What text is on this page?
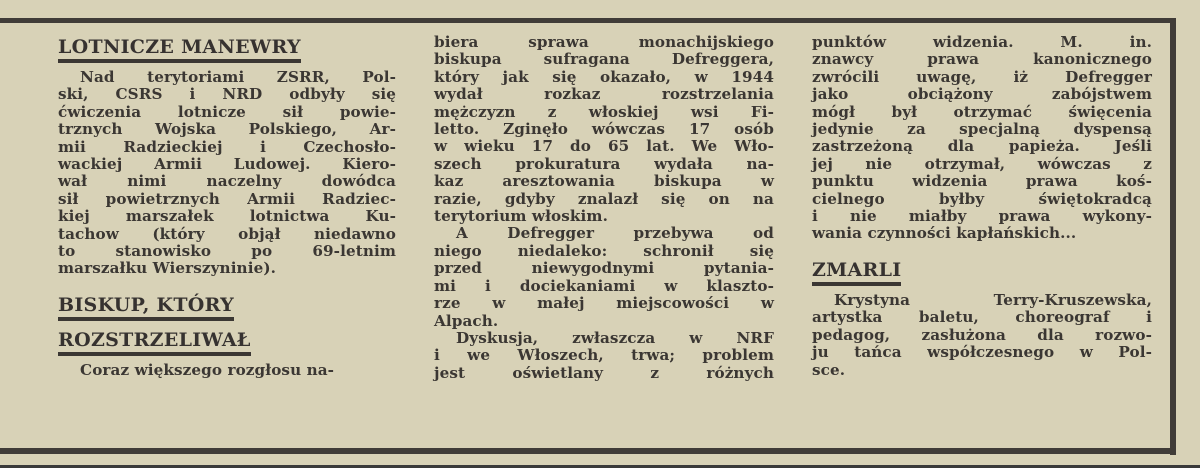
LOTNICZE MANEWRY
Nad terytoriami ZSRR, Pol-
ski, CSRS i NRD odbyły się
ćwiczenia lotnicze sił powie-
trznych Wojska Polskiego, Ar-
mii Radzieckiej i Czechosło-
wackiej Armii Ludowej. Kiero-
wał nimi naczelny dowódca
sił powietrznych Armii Radziec-
kiej marszałek lotnictwa Ku-
tachow (który objął niedawno
to stanowisko po 69-letnim
marszałku Wierszyninie).
BISKUP, KTÓRY
ROZSTRZELIWAŁ
Coraz większego rozgłosu na-
biera sprawa monachijskiego
biskupa sufragana Defreggera,
który jak się okazało, w 1944
wydał rozkaz rozstrzelania
mężczyzn z włoskiej wsi Fi-
letto. Zginęło wówczas 17 osób
w wieku 17 do 65 lat. We Wło-
szech prokuratura wydała na-
kaz aresztowania biskupa w
razie, gdyby znalazł się on na
terytorium włoskim.
A Defregger przebywa od
niego niedaleko: schronił się
przed niewygodnymi pytania-
mi i dociekaniami w klaszto-
rze w małej miejscowości w
Alpach.
Dyskusja, zwłaszcza w NRF
i we Włoszech, trwa; problem
jest oświetlany z różnych
punktów widzenia. M. in.
znawcy prawa kanonicznego
zwrócili uwagę, iż Defregger
jako obciążony zabójstwem
mógł był otrzymać święcenia
jedynie za specjalną dyspensą
zastrzeżoną dla papieża. Jeśli
jej nie otrzymał, wówczas z
punktu widzenia prawa koś-
cielnego byłby świętokradcą
i nie miałby prawa wykony-
wania czynności kapłańskich...
ZMARLI
Krystyna Terry-Kruszewska,
artystka baletu, choreograf i
pedagog, zasłużona dla rozwo-
ju tańca współczesnego w Pol-
sce.
